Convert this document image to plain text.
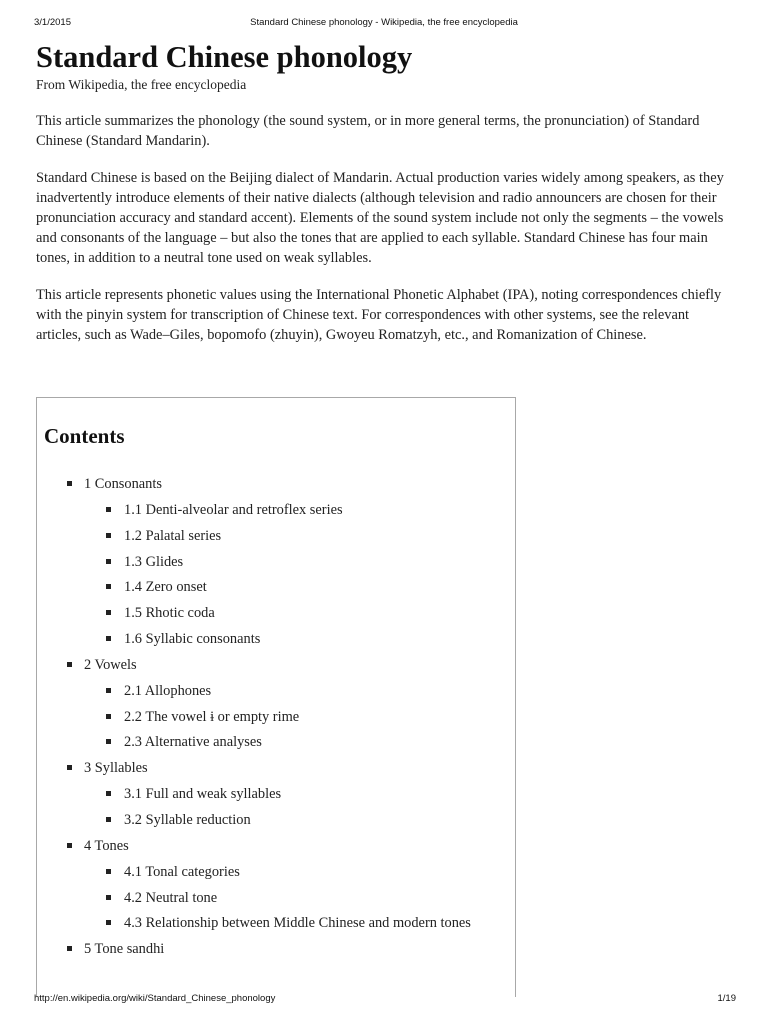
3/1/2015	Standard Chinese phonology - Wikipedia, the free encyclopedia
Standard Chinese phonology
From Wikipedia, the free encyclopedia

This article summarizes the phonology (the sound system, or in more general terms, the pronunciation) of Standard Chinese (Standard Mandarin).

Standard Chinese is based on the Beijing dialect of Mandarin. Actual production varies widely among speakers, as they inadvertently introduce elements of their native dialects (although television and radio announcers are chosen for their pronunciation accuracy and standard accent). Elements of the sound system include not only the segments – the vowels and consonants of the language – but also the tones that are applied to each syllable. Standard Chinese has four main tones, in addition to a neutral tone used on weak syllables.

This article represents phonetic values using the International Phonetic Alphabet (IPA), noting correspondences chiefly with the pinyin system for transcription of Chinese text. For correspondences with other systems, see the relevant articles, such as Wade–Giles, bopomofo (zhuyin), Gwoyeu Romatzyh, etc., and Romanization of Chinese.

Contents
1 Consonants
1.1 Denti-alveolar and retroflex series
1.2 Palatal series
1.3 Glides
1.4 Zero onset
1.5 Rhotic coda
1.6 Syllabic consonants
2 Vowels
2.1 Allophones
2.2 The vowel ɨ or empty rime
2.3 Alternative analyses
3 Syllables
3.1 Full and weak syllables
3.2 Syllable reduction
4 Tones
4.1 Tonal categories
4.2 Neutral tone
4.3 Relationship between Middle Chinese and modern tones
5 Tone sandhi
http://en.wikipedia.org/wiki/Standard_Chinese_phonology	1/19
